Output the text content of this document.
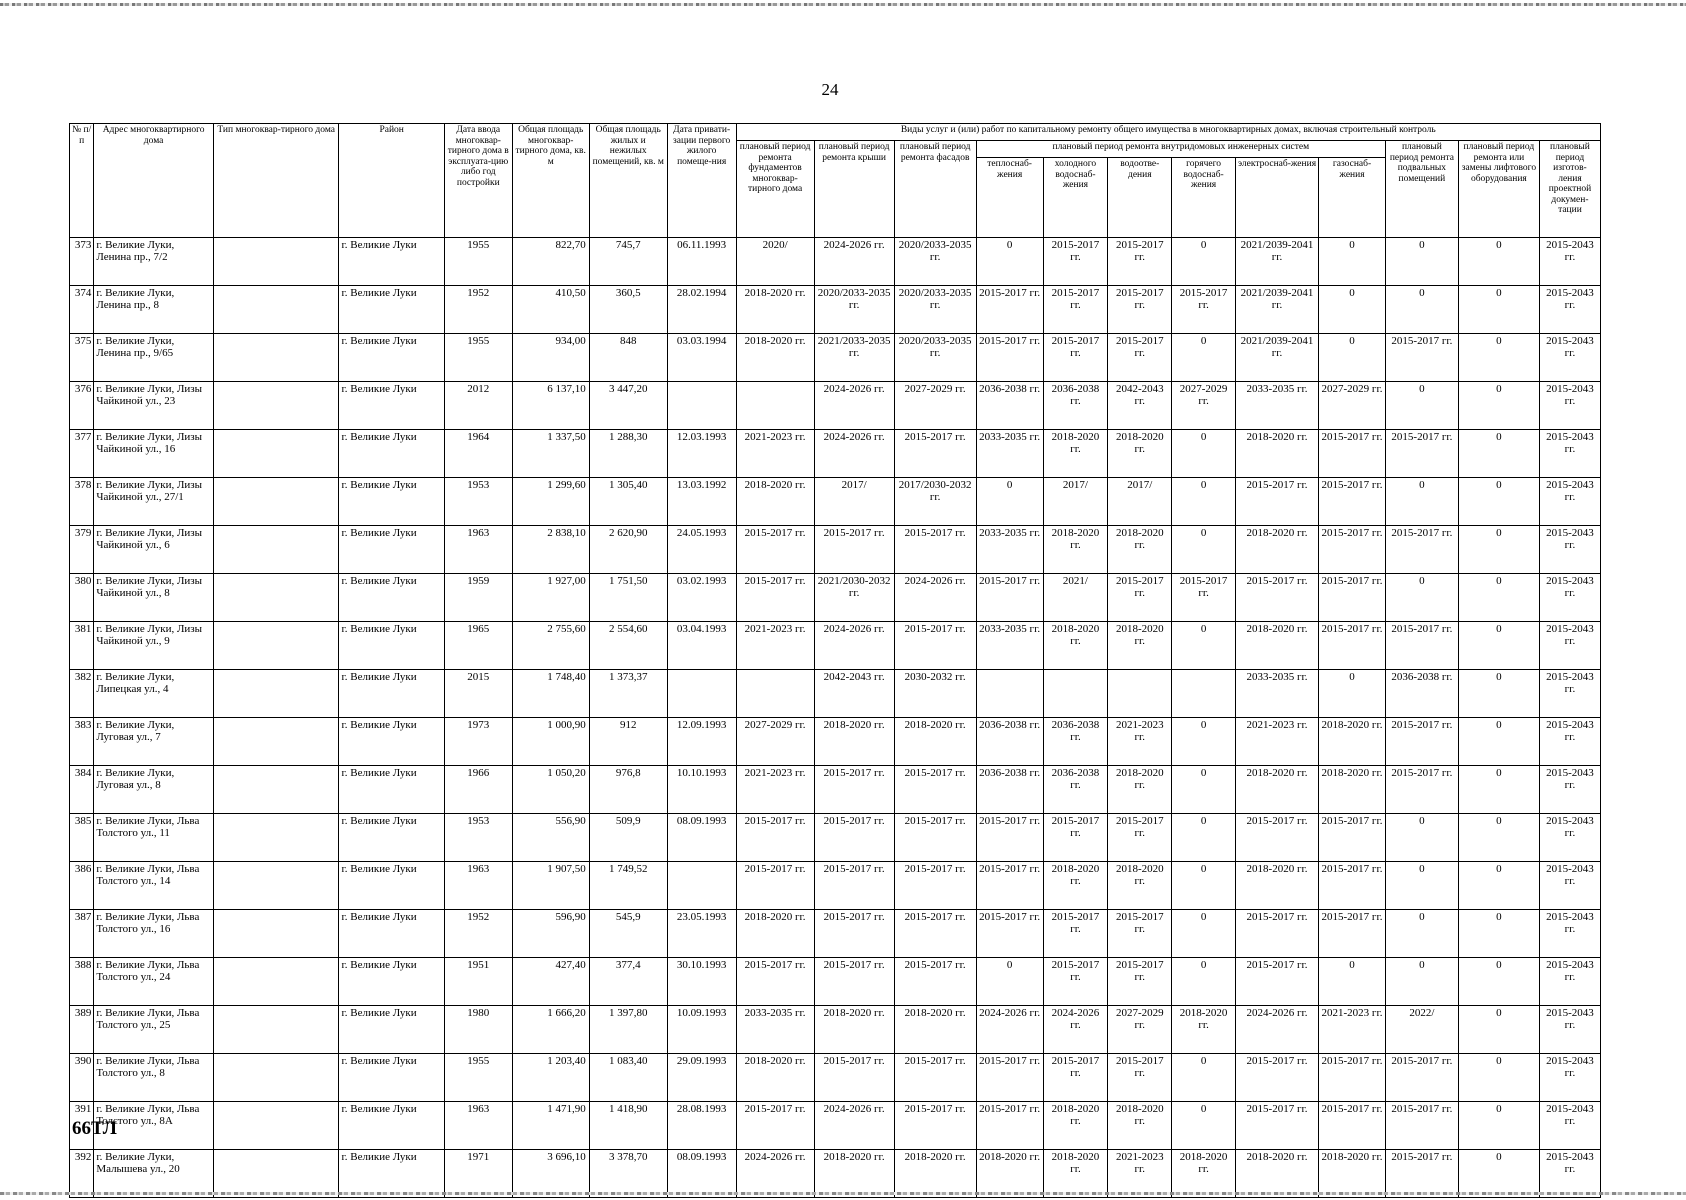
24
№ п/п	Адрес многоквартирного дома	Тип многоквар-тирного дома	Район	Дата ввода многоквар-тирного дома в эксплуата-цию либо год постройки	Общая площадь многоквар-тирного дома, кв. м	Общая площадь жилых и нежилых помещений, кв. м	Дата привати-зации первого жилого помеще-ния	Виды услуг и (или) работ по капитальному ремонту общего имущества в многоквартирных домах, включая строительный контроль											
								плановый период ремонта фундаментов многоквар-тирного дома	плановый период ремонта крыши	плановый период ремонта фасадов	плановый период ремонта внутридомовых инженерных систем						плановый период ремонта подвальных помещений	плановый период ремонта или замены лифтового оборудования	плановый период изготов-ления проектной докумен-тации
											теплоснаб-жения	холодного водоснаб-жения	водоотве-дения	горячего водоснаб-жения	электроснаб-жения	газоснаб-жения			
373	г. Великие Луки, Ленина пр., 7/2		г. Великие Луки	1955	822,70	745,7	06.11.1993	2020/	2024-2026 гг.	2020/2033-2035 гг.	0	2015-2017 гг.	2015-2017 гг.	0	2021/2039-2041 гг.	0	0	0	2015-2043 гг.
374	г. Великие Луки, Ленина пр., 8		г. Великие Луки	1952	410,50	360,5	28.02.1994	2018-2020 гг.	2020/2033-2035 гг.	2020/2033-2035 гг.	2015-2017 гг.	2015-2017 гг.	2015-2017 гг.	2015-2017 гг.	2021/2039-2041 гг.	0	0	0	2015-2043 гг.
375	г. Великие Луки, Ленина пр., 9/65		г. Великие Луки	1955	934,00	848	03.03.1994	2018-2020 гг.	2021/2033-2035 гг.	2020/2033-2035 гг.	2015-2017 гг.	2015-2017 гг.	2015-2017 гг.	0	2021/2039-2041 гг.	0	2015-2017 гг.	0	2015-2043 гг.
376	г. Великие Луки, Лизы Чайкиной ул., 23		г. Великие Луки	2012	6 137,10	3 447,20			2024-2026 гг.	2027-2029 гг.	2036-2038 гг.	2036-2038 гг.	2042-2043 гг.	2027-2029 гг.	2033-2035 гг.	2027-2029 гг.	0	0	2015-2043 гг.
377	г. Великие Луки, Лизы Чайкиной ул., 16		г. Великие Луки	1964	1 337,50	1 288,30	12.03.1993	2021-2023 гг.	2024-2026 гг.	2015-2017 гг.	2033-2035 гг.	2018-2020 гг.	2018-2020 гг.	0	2018-2020 гг.	2015-2017 гг.	2015-2017 гг.	0	2015-2043 гг.
378	г. Великие Луки, Лизы Чайкиной ул., 27/1		г. Великие Луки	1953	1 299,60	1 305,40	13.03.1992	2018-2020 гг.	2017/	2017/2030-2032 гг.	0	2017/	2017/	0	2015-2017 гг.	2015-2017 гг.	0	0	2015-2043 гг.
379	г. Великие Луки, Лизы Чайкиной ул., 6		г. Великие Луки	1963	2 838,10	2 620,90	24.05.1993	2015-2017 гг.	2015-2017 гг.	2015-2017 гг.	2033-2035 гг.	2018-2020 гг.	2018-2020 гг.	0	2018-2020 гг.	2015-2017 гг.	2015-2017 гг.	0	2015-2043 гг.
380	г. Великие Луки, Лизы Чайкиной ул., 8		г. Великие Луки	1959	1 927,00	1 751,50	03.02.1993	2015-2017 гг.	2021/2030-2032 гг.	2024-2026 гг.	2015-2017 гг.	2021/	2015-2017 гг.	2015-2017 гг.	2015-2017 гг.	2015-2017 гг.	0	0	2015-2043 гг.
381	г. Великие Луки, Лизы Чайкиной ул., 9		г. Великие Луки	1965	2 755,60	2 554,60	03.04.1993	2021-2023 гг.	2024-2026 гг.	2015-2017 гг.	2033-2035 гг.	2018-2020 гг.	2018-2020 гг.	0	2018-2020 гг.	2015-2017 гг.	2015-2017 гг.	0	2015-2043 гг.
382	г. Великие Луки, Липецкая ул., 4		г. Великие Луки	2015	1 748,40	1 373,37			2042-2043 гг.	2030-2032 гг.					2033-2035 гг.	0	2036-2038 гг.	0	2015-2043 гг.
383	г. Великие Луки, Луговая ул., 7		г. Великие Луки	1973	1 000,90	912	12.09.1993	2027-2029 гг.	2018-2020 гг.	2018-2020 гг.	2036-2038 гг.	2036-2038 гг.	2021-2023 гг.	0	2021-2023 гг.	2018-2020 гг.	2015-2017 гг.	0	2015-2043 гг.
384	г. Великие Луки, Луговая ул., 8		г. Великие Луки	1966	1 050,20	976,8	10.10.1993	2021-2023 гг.	2015-2017 гг.	2015-2017 гг.	2036-2038 гг.	2036-2038 гг.	2018-2020 гг.	0	2018-2020 гг.	2018-2020 гг.	2015-2017 гг.	0	2015-2043 гг.
385	г. Великие Луки, Льва Толстого ул., 11		г. Великие Луки	1953	556,90	509,9	08.09.1993	2015-2017 гг.	2015-2017 гг.	2015-2017 гг.	2015-2017 гг.	2015-2017 гг.	2015-2017 гг.	0	2015-2017 гг.	2015-2017 гг.	0	0	2015-2043 гг.
386	г. Великие Луки, Льва Толстого ул., 14		г. Великие Луки	1963	1 907,50	1 749,52		2015-2017 гг.	2015-2017 гг.	2015-2017 гг.	2015-2017 гг.	2018-2020 гг.	2018-2020 гг.	0	2018-2020 гг.	2015-2017 гг.	0	0	2015-2043 гг.
387	г. Великие Луки, Льва Толстого ул., 16		г. Великие Луки	1952	596,90	545,9	23.05.1993	2018-2020 гг.	2015-2017 гг.	2015-2017 гг.	2015-2017 гг.	2015-2017 гг.	2015-2017 гг.	0	2015-2017 гг.	2015-2017 гг.	0	0	2015-2043 гг.
388	г. Великие Луки, Льва Толстого ул., 24		г. Великие Луки	1951	427,40	377,4	30.10.1993	2015-2017 гг.	2015-2017 гг.	2015-2017 гг.	0	2015-2017 гг.	2015-2017 гг.	0	2015-2017 гг.	0	0	0	2015-2043 гг.
389	г. Великие Луки, Льва Толстого ул., 25		г. Великие Луки	1980	1 666,20	1 397,80	10.09.1993	2033-2035 гг.	2018-2020 гг.	2018-2020 гг.	2024-2026 гг.	2024-2026 гг.	2027-2029 гг.	2018-2020 гг.	2024-2026 гг.	2021-2023 гг.	2022/	0	2015-2043 гг.
390	г. Великие Луки, Льва Толстого ул., 8		г. Великие Луки	1955	1 203,40	1 083,40	29.09.1993	2018-2020 гг.	2015-2017 гг.	2015-2017 гг.	2015-2017 гг.	2015-2017 гг.	2015-2017 гг.	0	2015-2017 гг.	2015-2017 гг.	2015-2017 гг.	0	2015-2043 гг.
391	г. Великие Луки, Льва Толстого ул., 8А		г. Великие Луки	1963	1 471,90	1 418,90	28.08.1993	2015-2017 гг.	2024-2026 гг.	2015-2017 гг.	2015-2017 гг.	2018-2020 гг.	2018-2020 гг.	0	2015-2017 гг.	2015-2017 гг.	2015-2017 гг.	0	2015-2043 гг.
392	г. Великие Луки, Малышева ул., 20		г. Великие Луки	1971	3 696,10	3 378,70	08.09.1993	2024-2026 гг.	2018-2020 гг.	2018-2020 гг.	2018-2020 гг.	2018-2020 гг.	2021-2023 гг.	2018-2020 гг.	2018-2020 гг.	2018-2020 гг.	2015-2017 гг.	0	2015-2043 гг.
66ТЛ
